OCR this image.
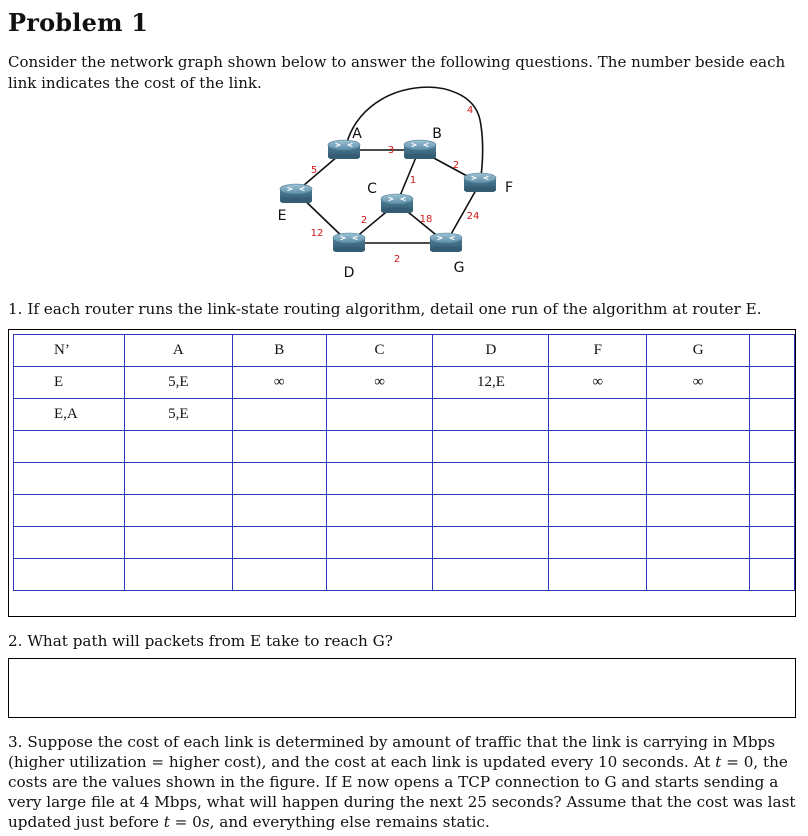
Problem 1
Consider the network graph shown below to answer the following questions. The number beside each link indicates the cost of the link.
5
3
4
1
2
2	18
12
2
24
A	B
C
D
E
F
G
1. If each router runs the link-state routing algorithm, detail one run of the algorithm at router E.
N’	A	B	C	D	F	G	
E	5,E	∞	∞	12,E	∞	∞	
E,A	5,E						

2. What path will packets from E take to reach G?
3. Suppose the cost of each link is determined by amount of traffic that the link is carrying in Mbps (higher utilization = higher cost), and the cost at each link is updated every 10 seconds. At t = 0, the costs are the values shown in the figure. If E now opens a TCP connection to G and starts sending a very large file at 4 Mbps, what will happen during the next 25 seconds? Assume that the cost was last updated just before t = 0s, and everything else remains static.
